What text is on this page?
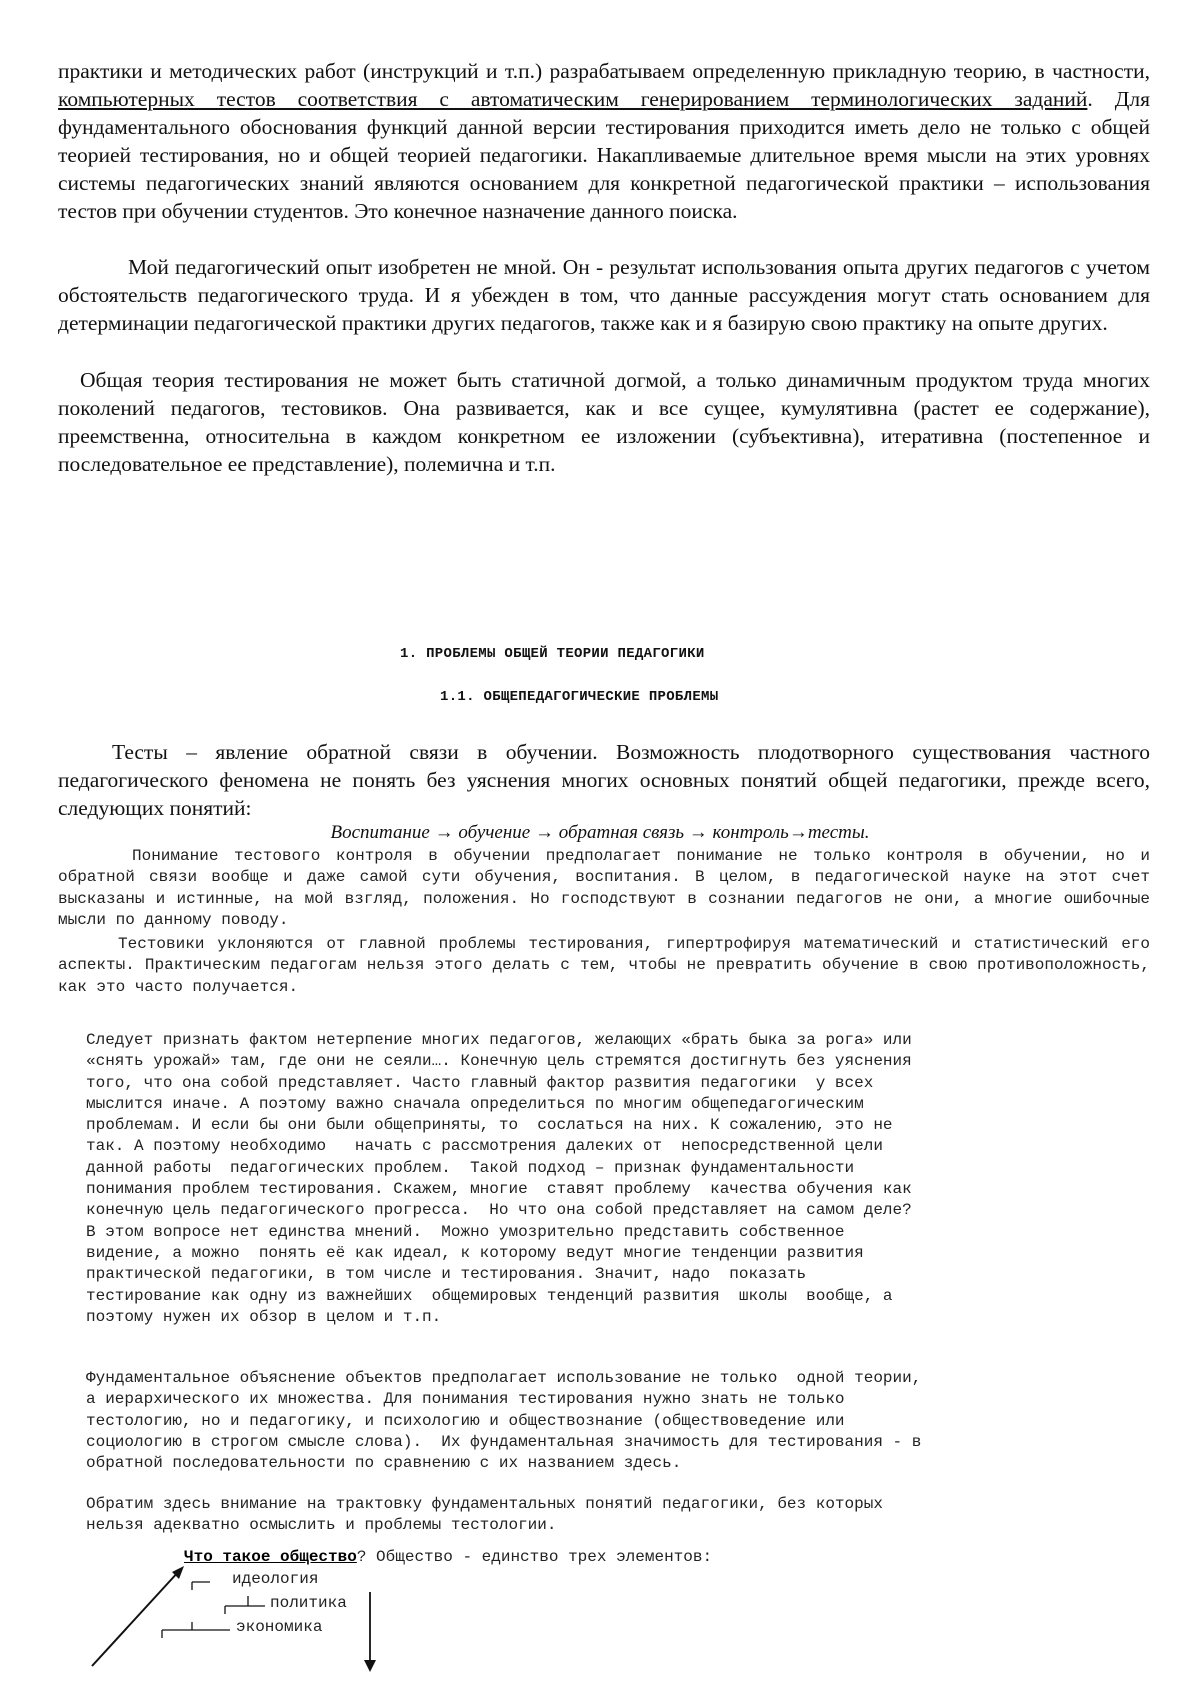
практики и методических работ (инструкций и т.п.) разрабатываем определенную прикладную теорию, в частности, компьютерных тестов соответствия с автоматическим генерированием терминологических заданий. Для фундаментального обоснования функций данной версии тестирования приходится иметь дело не только с общей теорией тестирования, но и общей теорией педагогики. Накапливаемые длительное время мысли на этих уровнях системы педагогических знаний являются основанием для конкретной педагогической практики – использования тестов при обучении студентов. Это конечное назначение данного поиска.

Мой педагогический опыт изобретен не мной. Он - результат использования опыта других педагогов с учетом обстоятельств педагогического труда. И я убежден в том, что данные рассуждения могут стать основанием для детерминации педагогической практики других педагогов, также как и я базирую свою практику на опыте других.

Общая теория тестирования не может быть статичной догмой, а только динамичным продуктом труда многих поколений педагогов, тестовиков. Она развивается, как и все сущее, кумулятивна (растет ее содержание), преемственна, относительна в каждом конкретном ее изложении (субъективна), итеративна (постепенное и последовательное ее представление), полемична и т.п.

1. ПРОБЛЕМЫ ОБЩЕЙ ТЕОРИИ ПЕДАГОГИКИ
1.1. ОБЩЕПЕДАГОГИЧЕСКИЕ ПРОБЛЕМЫ

Тесты – явление обратной связи в обучении. Возможность плодотворного существования частного педагогического феномена не понять без уяснения многих основных понятий общей педагогики, прежде всего, следующих понятий:

Воспитание → обучение → обратная связь → контроль→тесты.

Понимание тестового контроля в обучении предполагает понимание не только контроля в обучении, но и обратной связи вообще и даже самой сути обучения, воспитания. В целом, в педагогической науке на этот счет высказаны и истинные, на мой взгляд, положения. Но господствуют в сознании педагогов не они, а многие ошибочные мысли по данному поводу.

Тестовики уклоняются от главной проблемы тестирования, гипертрофируя математический и статистический его аспекты. Практическим педагогам нельзя этого делать с тем, чтобы не превратить обучение в свою противоположность, как это часто получается.

Следует признать фактом нетерпение многих педагогов, желающих «брать быка за рога» или
«снять урожай» там, где они не сеяли…. Конечную цель стремятся достигнуть без уяснения
того, что она собой представляет. Часто главный фактор развития педагогики  у всех
мыслится иначе. А поэтому важно сначала определиться по многим общепедагогическим
проблемам. И если бы они были общеприняты, то  сослаться на них. К сожалению, это не
так. А поэтому необходимо   начать с рассмотрения далеких от  непосредственной цели
данной работы  педагогических проблем.  Такой подход – признак фундаментальности
понимания проблем тестирования. Скажем, многие  ставят проблему  качества обучения как
конечную цель педагогического прогресса.  Но что она собой представляет на самом деле?
В этом вопросе нет единства мнений.  Можно умозрительно представить собственное
видение, а можно  понять её как идеал, к которому ведут многие тенденции развития
практической педагогики, в том числе и тестирования. Значит, надо  показать
тестирование как одну из важнейших  общемировых тенденций развития  школы  вообще, а
поэтому нужен их обзор в целом и т.п.
Фундаментальное объяснение объектов предполагает использование не только  одной теории,
а иерархического их множества. Для понимания тестирования нужно знать не только
тестологию, но и педагогику, и психологию и обществознание (обществоведение или
социологию в строгом смысле слова).  Их фундаментальная значимость для тестирования - в
обратной последовательности по сравнению с их названием здесь.
Обратим здесь внимание на трактовку фундаментальных понятий педагогики, без которых
нельзя адекватно осмыслить и проблемы тестологии.
Что такое общество? Общество - единство трех элементов:
идеология
политика
экономика
